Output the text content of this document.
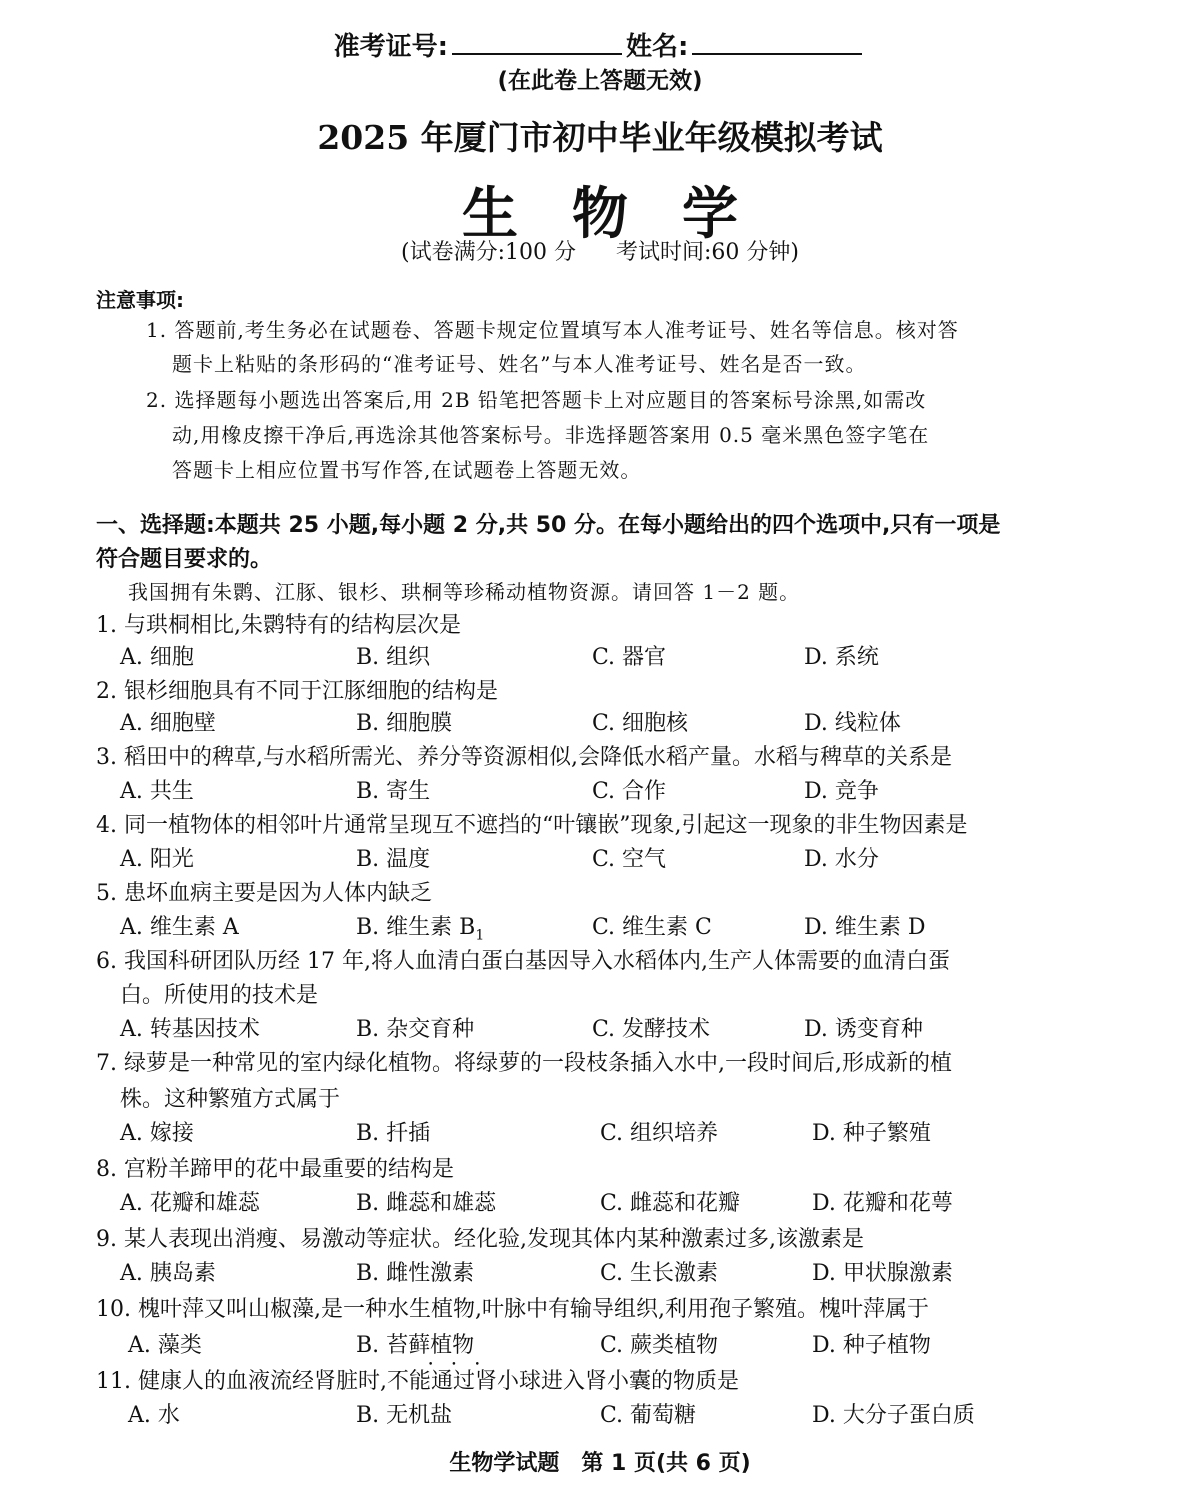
准考证号:	姓名:
(在此卷上答题无效)
2025 年厦门市初中毕业年级模拟考试
生物学
(试卷满分:100 分 考试时间:60 分钟)
注意事项:
1. 答题前,考生务必在试题卷、答题卡规定位置填写本人准考证号、姓名等信息。核对答
题卡上粘贴的条形码的“准考证号、姓名”与本人准考证号、姓名是否一致。
2. 选择题每小题选出答案后,用 2B 铅笔把答题卡上对应题目的答案标号涂黑,如需改
动,用橡皮擦干净后,再选涂其他答案标号。非选择题答案用 0.5 毫米黑色签字笔在
答题卡上相应位置书写作答,在试题卷上答题无效。
一、选择题:本题共 25 小题,每小题 2 分,共 50 分。在每小题给出的四个选项中,只有一项是
符合题目要求的。
我国拥有朱鹮、江豚、银杉、珙桐等珍稀动植物资源。请回答 1－2 题。
1. 与珙桐相比,朱鹮特有的结构层次是
A. 细胞	B. 组织	C. 器官	D. 系统
2. 银杉细胞具有不同于江豚细胞的结构是
A. 细胞壁	B. 细胞膜	C. 细胞核	D. 线粒体
3. 稻田中的稗草,与水稻所需光、养分等资源相似,会降低水稻产量。水稻与稗草的关系是
A. 共生	B. 寄生	C. 合作	D. 竞争
4. 同一植物体的相邻叶片通常呈现互不遮挡的“叶镶嵌”现象,引起这一现象的非生物因素是
A. 阳光	B. 温度	C. 空气	D. 水分
5. 患坏血病主要是因为人体内缺乏
A. 维生素 A	B. 维生素 $B_1$	C. 维生素 C	D. 维生素 D
6. 我国科研团队历经 17 年,将人血清白蛋白基因导入水稻体内,生产人体需要的血清白蛋
白。所使用的技术是
A. 转基因技术	B. 杂交育种	C. 发酵技术	D. 诱变育种
7. 绿萝是一种常见的室内绿化植物。将绿萝的一段枝条插入水中,一段时间后,形成新的植
株。这种繁殖方式属于
A. 嫁接	B. 扦插	C. 组织培养	D. 种子繁殖
8. 宫粉羊蹄甲的花中最重要的结构是
A. 花瓣和雄蕊	B. 雌蕊和雄蕊	C. 雌蕊和花瓣	D. 花瓣和花萼
9. 某人表现出消瘦、易激动等症状。经化验,发现其体内某种激素过多,该激素是
A. 胰岛素	B. 雌性激素	C. 生长激素	D. 甲状腺激素
10. 槐叶萍又叫山椒藻,是一种水生植物,叶脉中有输导组织,利用孢子繁殖。槐叶萍属于
A. 藻类	B. 苔藓植物	C. 蕨类植物	D. 种子植物
11. 健康人的血液流经肾脏时,不能通过肾小球进入肾小囊的物质是
•••
A. 水	B. 无机盐	C. 葡萄糖	D. 大分子蛋白质
生物学试题　第 1 页(共 6 页)
